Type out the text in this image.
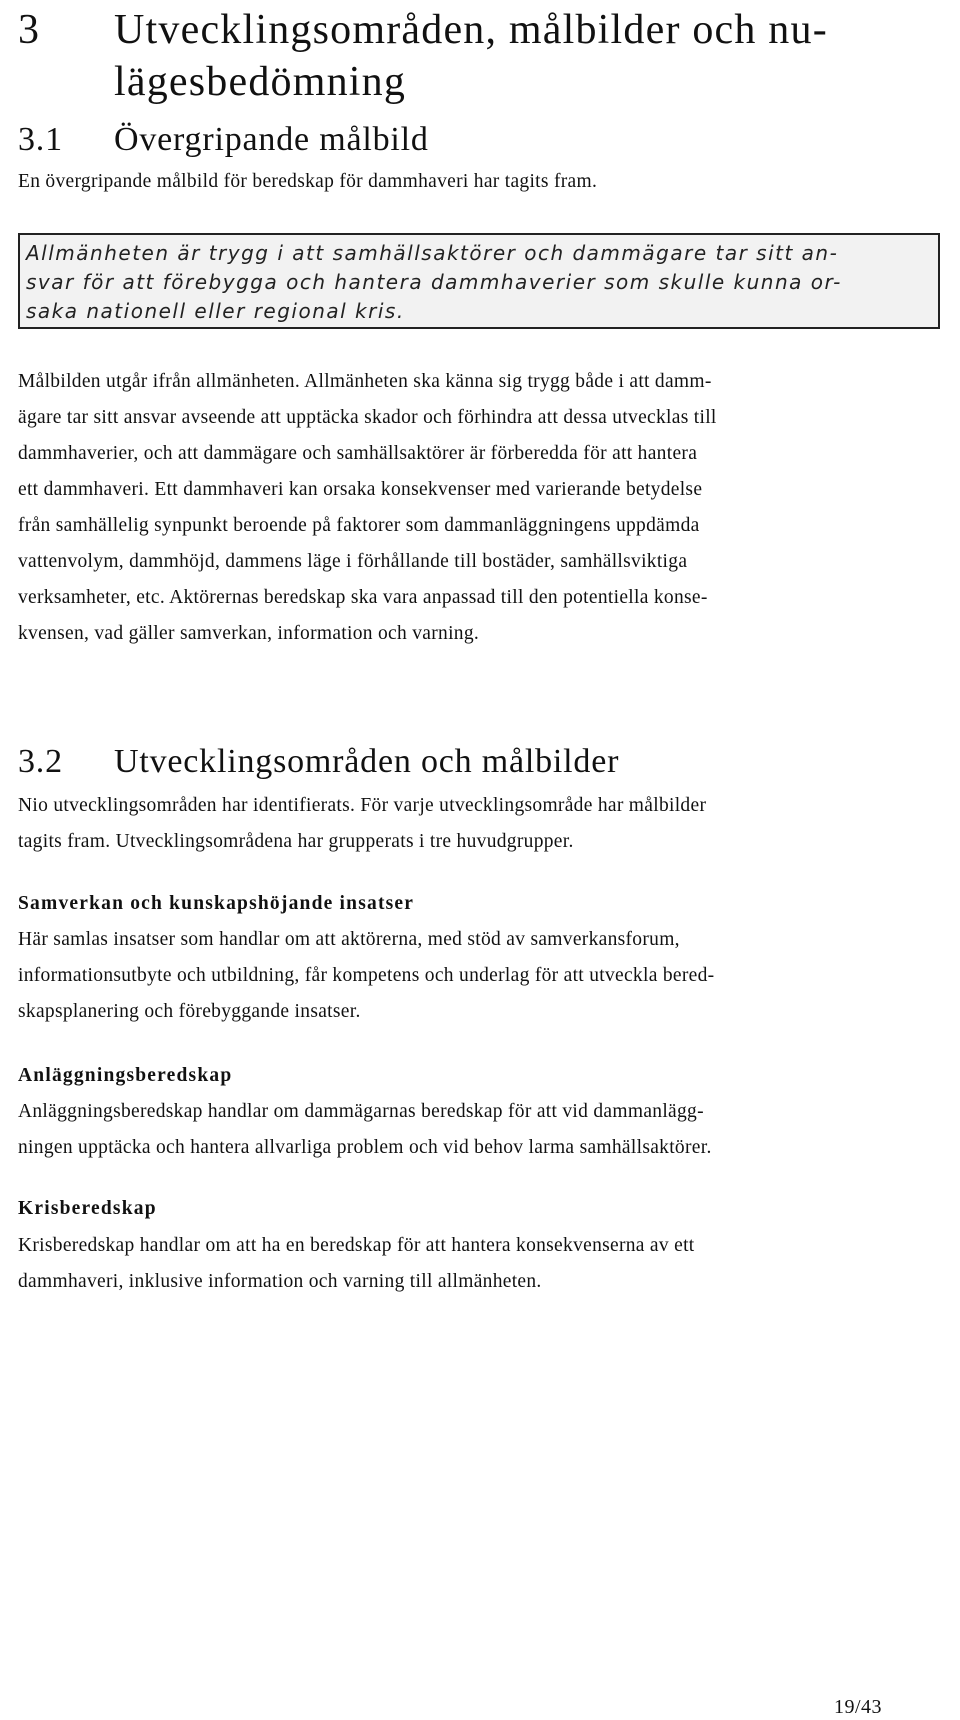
3 Utvecklingsområden, målbilder och nu-
lägesbedömning
3.1 Övergripande målbild

En övergripande målbild för beredskap för dammhaveri har tagits fram.

Allmänheten är trygg i att samhällsaktörer och dammägare tar sitt an-
svar för att förebygga och hantera dammhaverier som skulle kunna or-
saka nationell eller regional kris.

Målbilden utgår ifrån allmänheten. Allmänheten ska känna sig trygg både i att damm-
ägare tar sitt ansvar avseende att upptäcka skador och förhindra att dessa utvecklas till
dammhaverier, och att dammägare och samhällsaktörer är förberedda för att hantera
ett dammhaveri. Ett dammhaveri kan orsaka konsekvenser med varierande betydelse
från samhällelig synpunkt beroende på faktorer som dammanläggningens uppdämda
vattenvolym, dammhöjd, dammens läge i förhållande till bostäder, samhällsviktiga
verksamheter, etc. Aktörernas beredskap ska vara anpassad till den potentiella konse-
kvensen, vad gäller samverkan, information och varning.

3.2 Utvecklingsområden och målbilder

Nio utvecklingsområden har identifierats. För varje utvecklingsområde har målbilder
tagits fram. Utvecklingsområdena har grupperats i tre huvudgrupper.

Samverkan och kunskapshöjande insatser

Här samlas insatser som handlar om att aktörerna, med stöd av samverkansforum,
informationsutbyte och utbildning, får kompetens och underlag för att utveckla bered-
skapsplanering och förebyggande insatser.

Anläggningsberedskap

Anläggningsberedskap handlar om dammägarnas beredskap för att vid dammanlägg-
ningen upptäcka och hantera allvarliga problem och vid behov larma samhällsaktörer.

Krisberedskap

Krisberedskap handlar om att ha en beredskap för att hantera konsekvenserna av ett
dammhaveri, inklusive information och varning till allmänheten.

19/43
